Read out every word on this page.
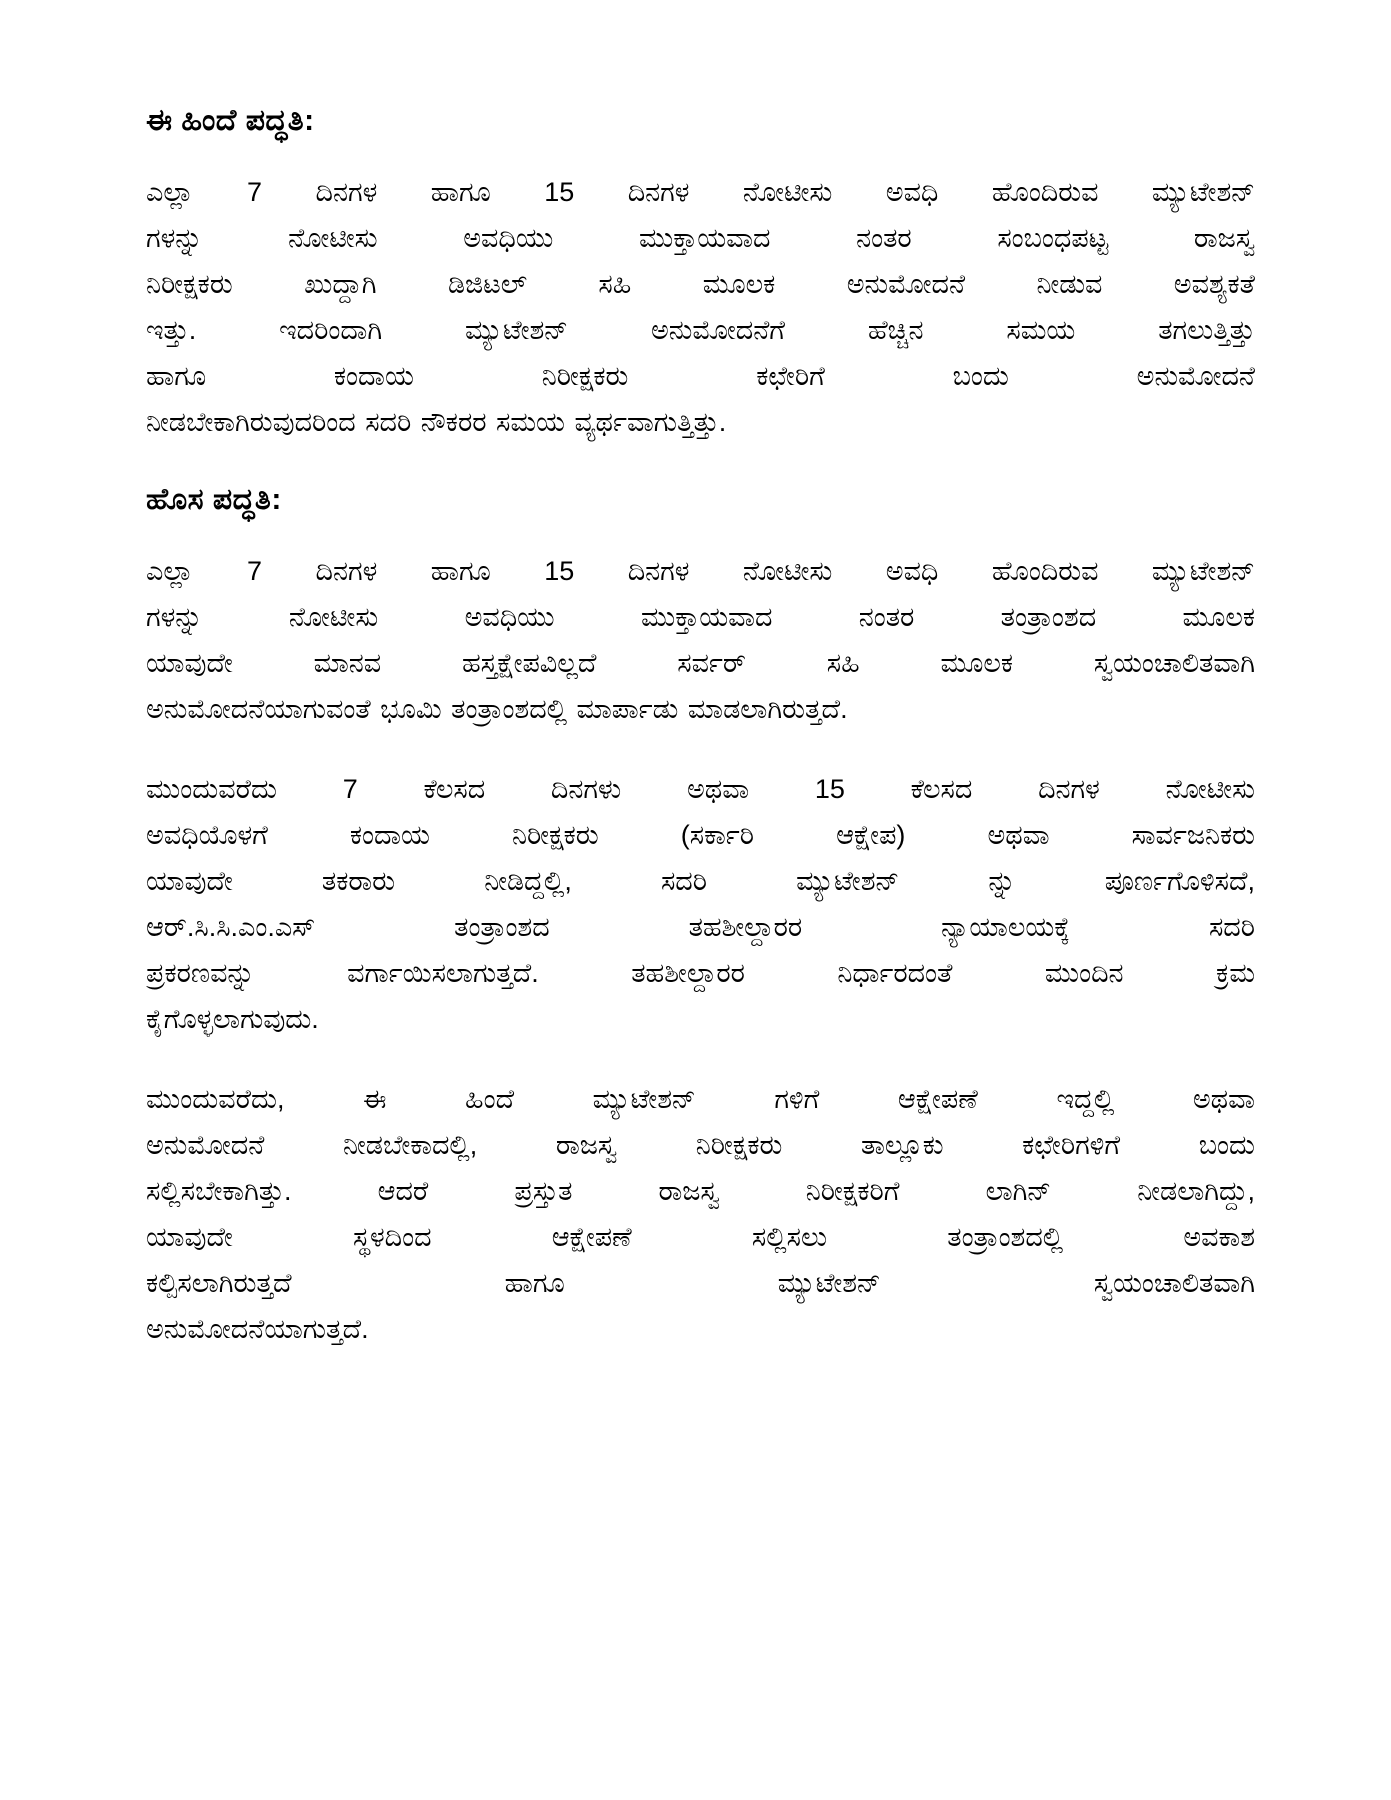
ಈ ಹಿಂದೆ ಪದ್ಧತಿ:

ಎಲ್ಲಾ 7 ದಿನಗಳ ಹಾಗೂ 15 ದಿನಗಳ ನೋಟೀಸು ಅವಧಿ ಹೊಂದಿರುವ ಮ್ಯುಟೇಶನ್
ಗಳನ್ನು ನೋಟೀಸು ಅವಧಿಯು ಮುಕ್ತಾಯವಾದ ನಂತರ ಸಂಬಂಧಪಟ್ಟ ರಾಜಸ್ವ
ನಿರೀಕ್ಷಕರು ಖುದ್ದಾಗಿ ಡಿಜಿಟಲ್ ಸಹಿ ಮೂಲಕ ಅನುಮೋದನೆ ನೀಡುವ ಅವಶ್ಯಕತೆ
ಇತ್ತು. ಇದರಿಂದಾಗಿ ಮ್ಯುಟೇಶನ್ ಅನುಮೋದನೆಗೆ ಹೆಚ್ಚಿನ ಸಮಯ ತಗಲುತ್ತಿತ್ತು
ಹಾಗೂ ಕಂದಾಯ ನಿರೀಕ್ಷಕರು ಕಛೇರಿಗೆ ಬಂದು ಅನುಮೋದನೆ
ನೀಡಬೇಕಾಗಿರುವುದರಿಂದ ಸದರಿ ನೌಕರರ ಸಮಯ ವ್ಯರ್ಥವಾಗುತ್ತಿತ್ತು.

ಹೊಸ ಪದ್ಧತಿ:

ಎಲ್ಲಾ 7 ದಿನಗಳ ಹಾಗೂ 15 ದಿನಗಳ ನೋಟೀಸು ಅವಧಿ ಹೊಂದಿರುವ ಮ್ಯುಟೇಶನ್
ಗಳನ್ನು ನೋಟೀಸು ಅವಧಿಯು ಮುಕ್ತಾಯವಾದ ನಂತರ ತಂತ್ರಾಂಶದ ಮೂಲಕ
ಯಾವುದೇ ಮಾನವ ಹಸ್ತಕ್ಷೇಪವಿಲ್ಲದೆ ಸರ್ವರ್ ಸಹಿ ಮೂಲಕ ಸ್ವಯಂಚಾಲಿತವಾಗಿ
ಅನುಮೋದನೆಯಾಗುವಂತೆ ಭೂಮಿ ತಂತ್ರಾಂಶದಲ್ಲಿ ಮಾರ್ಪಾಡು ಮಾಡಲಾಗಿರುತ್ತದೆ.

ಮುಂದುವರೆದು 7 ಕೆಲಸದ ದಿನಗಳು ಅಥವಾ 15 ಕೆಲಸದ ದಿನಗಳ ನೋಟೀಸು
ಅವಧಿಯೊಳಗೆ ಕಂದಾಯ ನಿರೀಕ್ಷಕರು (ಸರ್ಕಾರಿ ಆಕ್ಷೇಪ) ಅಥವಾ ಸಾರ್ವಜನಿಕರು
ಯಾವುದೇ ತಕರಾರು ನೀಡಿದ್ದಲ್ಲಿ, ಸದರಿ ಮ್ಯುಟೇಶನ್ ನ್ನು ಪೂರ್ಣಗೊಳಿಸದೆ,
ಆರ್.ಸಿ.ಸಿ.ಎಂ.ಎಸ್ ತಂತ್ರಾಂಶದ ತಹಶೀಲ್ದಾರರ ನ್ಯಾಯಾಲಯಕ್ಕೆ ಸದರಿ
ಪ್ರಕರಣವನ್ನು ವರ್ಗಾಯಿಸಲಾಗುತ್ತದೆ. ತಹಶೀಲ್ದಾರರ ನಿರ್ಧಾರದಂತೆ ಮುಂದಿನ ಕ್ರಮ
ಕೈಗೊಳ್ಳಲಾಗುವುದು.

ಮುಂದುವರೆದು, ಈ ಹಿಂದೆ ಮ್ಯುಟೇಶನ್ ಗಳಿಗೆ ಆಕ್ಷೇಪಣೆ ಇದ್ದಲ್ಲಿ ಅಥವಾ
ಅನುಮೋದನೆ ನೀಡಬೇಕಾದಲ್ಲಿ, ರಾಜಸ್ವ ನಿರೀಕ್ಷಕರು ತಾಲ್ಲೂಕು ಕಛೇರಿಗಳಿಗೆ ಬಂದು
ಸಲ್ಲಿಸಬೇಕಾಗಿತ್ತು. ಆದರೆ ಪ್ರಸ್ತುತ ರಾಜಸ್ವ ನಿರೀಕ್ಷಕರಿಗೆ ಲಾಗಿನ್ ನೀಡಲಾಗಿದ್ದು,
ಯಾವುದೇ ಸ್ಥಳದಿಂದ ಆಕ್ಷೇಪಣೆ ಸಲ್ಲಿಸಲು ತಂತ್ರಾಂಶದಲ್ಲಿ ಅವಕಾಶ
ಕಲ್ಪಿಸಲಾಗಿರುತ್ತದೆ ಹಾಗೂ ಮ್ಯುಟೇಶನ್ ಸ್ವಯಂಚಾಲಿತವಾಗಿ
ಅನುಮೋದನೆಯಾಗುತ್ತದೆ.
